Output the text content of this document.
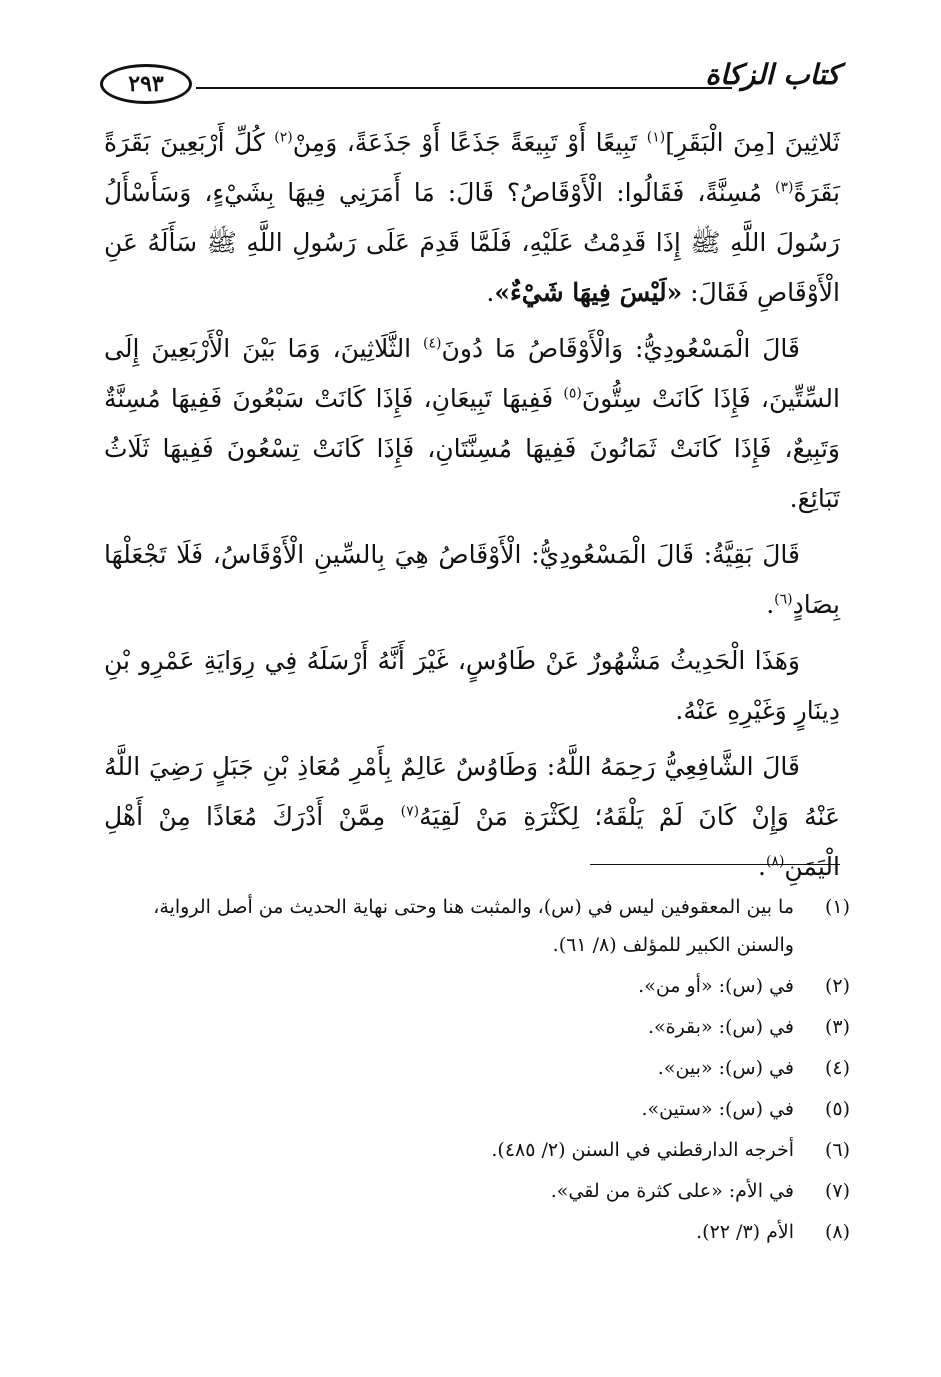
٢٩٣	كتاب الزكاة

ثَلاثِينَ [مِنَ الْبَقَرِ]$^{(١)}$ تَبِيعًا أَوْ تَبِيعَةً جَذَعًا أَوْ جَذَعَةً، وَمِنْ$^{(٢)}$ كُلِّ أَرْبَعِينَ بَقَرَةً بَقَرَةً$^{(٣)}$ مُسِنَّةً، فَقَالُوا: الْأَوْقَاصُ؟ قَالَ: مَا أَمَرَنِي فِيهَا بِشَيْءٍ، وَسَأَسْأَلُ رَسُولَ اللَّهِ ﷺ إِذَا قَدِمْتُ عَلَيْهِ، فَلَمَّا قَدِمَ عَلَى رَسُولِ اللَّهِ ﷺ سَأَلَهُ عَنِ الْأَوْقَاصِ فَقَالَ: «لَيْسَ فِيهَا شَيْءٌ».

قَالَ الْمَسْعُودِيُّ: وَالْأَوْقَاصُ مَا دُونَ$^{(٤)}$ الثَّلَاثِينَ، وَمَا بَيْنَ الْأَرْبَعِينَ إِلَى السِّتِّينَ، فَإِذَا كَانَتْ سِتُّونَ$^{(٥)}$ فَفِيهَا تَبِيعَانِ، فَإِذَا كَانَتْ سَبْعُونَ فَفِيهَا مُسِنَّةٌ وَتَبِيعٌ، فَإِذَا كَانَتْ ثَمَانُونَ فَفِيهَا مُسِنَّتَانِ، فَإِذَا كَانَتْ تِسْعُونَ فَفِيهَا ثَلَاثُ تَبَائِعَ.

قَالَ بَقِيَّةُ: قَالَ الْمَسْعُودِيُّ: الْأَوْقَاصُ هِيَ بِالسِّينِ الْأَوْقَاسُ، فَلَا تَجْعَلْهَا بِصَادٍ$^{(٦)}$.

وَهَذَا الْحَدِيثُ مَشْهُورٌ عَنْ طَاوُسٍ، غَيْرَ أَنَّهُ أَرْسَلَهُ فِي رِوَايَةِ عَمْرِو بْنِ دِينَارٍ وَغَيْرِهِ عَنْهُ.

قَالَ الشَّافِعِيُّ رَحِمَهُ اللَّهُ: وَطَاوُسٌ عَالِمٌ بِأَمْرِ مُعَاذِ بْنِ جَبَلٍ رَضِيَ اللَّهُ عَنْهُ وَإِنْ كَانَ لَمْ يَلْقَهُ؛ لِكَثْرَةِ مَنْ لَقِيَهُ$^{(٧)}$ مِمَّنْ أَدْرَكَ مُعَاذًا مِنْ أَهْلِ الْيَمَنِ$^{(٨)}$.

(١)
ما بين المعقوفين ليس في (س)، والمثبت هنا وحتى نهاية الحديث من أصل الرواية، والسنن الكبير للمؤلف (٨/ ٦١).
(٢)
في (س): «أو من».
(٣)
في (س): «بقرة».
(٤)
في (س): «بين».
(٥)
في (س): «ستين».
(٦)
أخرجه الدارقطني في السنن (٢/ ٤٨٥).
(٧)
في الأم: «على كثرة من لقي».
(٨)
الأم (٣/ ٢٢).
